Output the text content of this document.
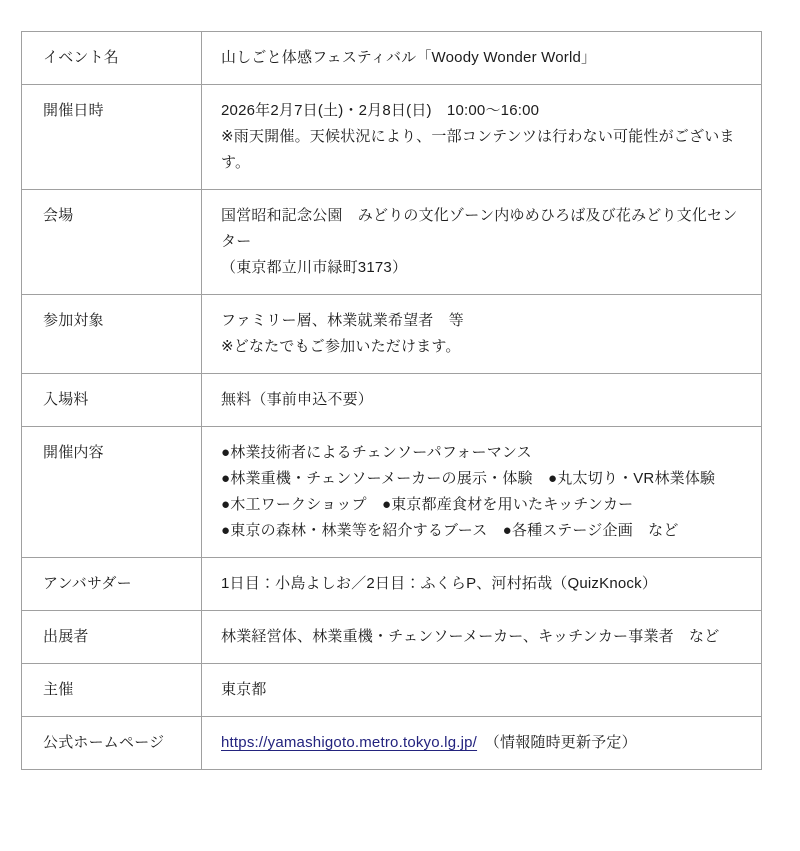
イベント名	山しごと体感フェスティバル「Woody Wonder World」

開催日時	2026年2月7日(土)・2月8日(日)　10:00～16:00
※雨天開催。天候状況により、一部コンテンツは行わない可能性がございます。

会場	国営昭和記念公園　みどりの文化ゾーン内ゆめひろば及び花みどり文化センター
（東京都立川市緑町3173）

参加対象	ファミリー層、林業就業希望者　等
※どなたでもご参加いただけます。

入場料	無料（事前申込不要）

開催内容	●林業技術者によるチェンソーパフォーマンス
●林業重機・チェンソーメーカーの展示・体験　●丸太切り・VR林業体験
●木工ワークショップ　●東京都産食材を用いたキッチンカー
●東京の森林・林業等を紹介するブース　●各種ステージ企画　など

アンバサダー	1日目：小島よしお／2日目：ふくらP、河村拓哉（QuizKnock）

出展者	林業経営体、林業重機・チェンソーメーカー、キッチンカー事業者　など

主催	東京都

公式ホームページ	https://yamashigoto.metro.tokyo.lg.jp/　（情報随時更新予定）
